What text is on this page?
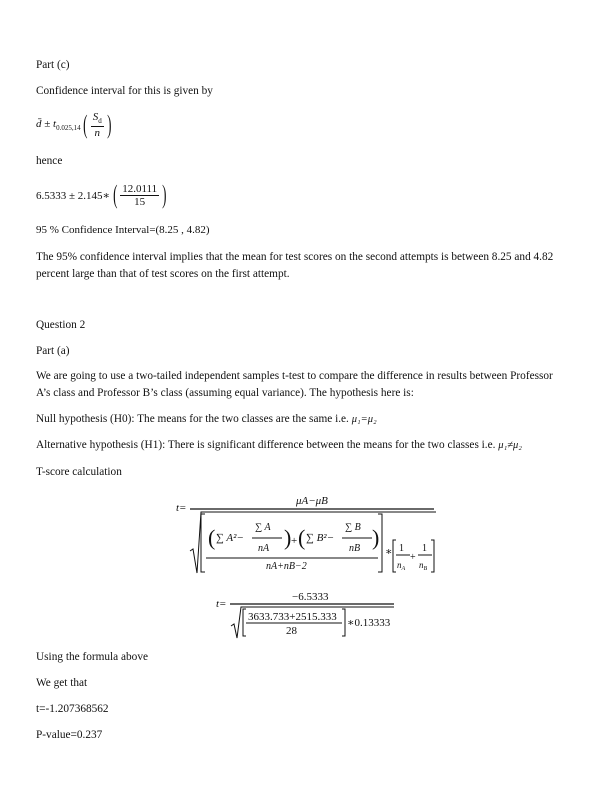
Part (c)
Confidence interval for this is given by
d̄ ± $t_{0.025,14}$ ( $\frac{S_d}{n}$ )
hence
6.5333 ± 2.145∗ ( $\frac{12.0111}{15}$ )
95 % Confidence Interval=(8.25 , 4.82)
The 95% confidence interval implies that the mean for test scores on the second attempts is between 8.25 and 4.82 percent large than that of test scores on the first attempt.
Question 2
Part (a)
We are going to use a two-tailed independent samples t-test to compare the difference in results between Professor A’s class and Professor B’s class (assuming equal variance). The hypothesis here is:
Null hypothesis (H0): The means for the two classes are the same i.e. μ₁=μ₂
Alternative hypothesis (H1): There is significant difference between the means for the two classes i.e. μ₁≠μ₂
T-score calculation
t=
μA−μB
( ∑ A²−
∑ A
nA ) + ( ∑ B²−
∑ B
nB )
nA+nB−2
∗ 1
$n_A$
+
1
$n_B$
t=
−6.5333
3633.733+2515.333
28
∗0.13333
Using the formula above
We get that
t=-1.207368562
P-value=0.237
